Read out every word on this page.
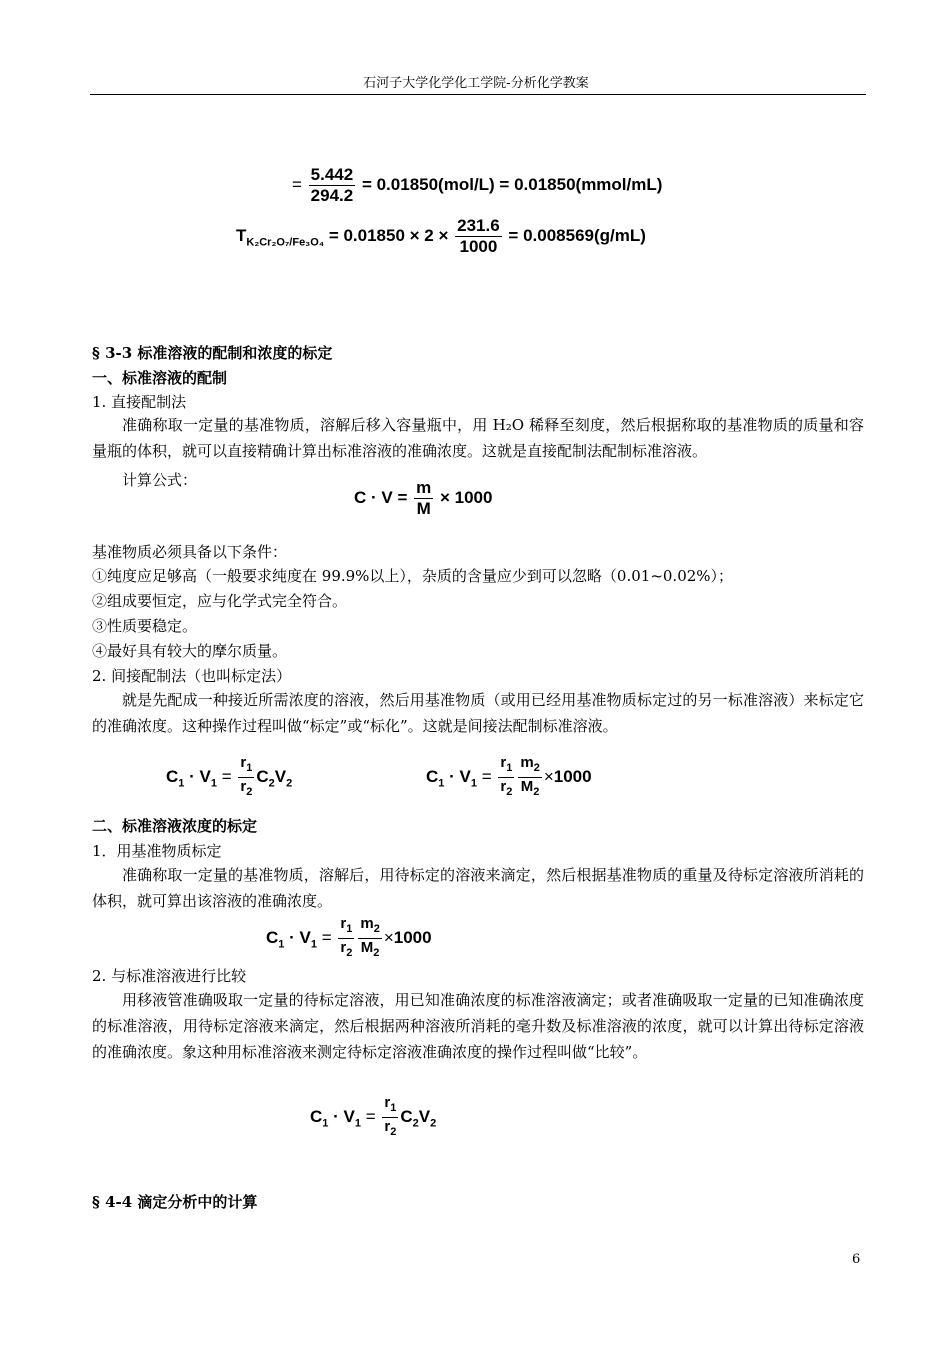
石河子大学化学化工学院-分析化学教案
= $\frac{5.442}{294.2} = 0.01850(mol/L)$ = 0.01850(mmol/mL)
$T_{K_2Cr_2O_7/Fe_3O_4} = 0.01850 \times 2 \times \frac{231.6}{1000} = 0.008569(g/mL)$
§ 3-3 标准溶液的配制和浓度的标定
一、标准溶液的配制
1. 直接配制法
准确称取一定量的基准物质，溶解后移入容量瓶中，用 H₂O 稀释至刻度，然后根据称取的基准物质的质量和容量瓶的体积，就可以直接精确计算出标准溶液的准确浓度。这就是直接配制法配制标准溶液。
计算公式：
$C \cdot V = \frac{m}{M} \times 1000$
基准物质必须具备以下条件：
①纯度应足够高（一般要求纯度在 99.9%以上），杂质的含量应少到可以忽略（0.01~0.02%）；
②组成要恒定，应与化学式完全符合。
③性质要稳定。
④最好具有较大的摩尔质量。
2. 间接配制法（也叫标定法）
就是先配成一种接近所需浓度的溶液，然后用基准物质（或用已经用基准物质标定过的另一标准溶液）来标定它的准确浓度。这种操作过程叫做“标定”或“标化”。这就是间接法配制标准溶液。
$C_1 \cdot V_1 = \frac{r_1}{r_2} C_2V_2$	$C_1 \cdot V_1 = \frac{r_1}{r_2} \frac{m_2}{M_2} \times 1000$
二、标准溶液浓度的标定
1．用基准物质标定
准确称取一定量的基准物质，溶解后，用待标定的溶液来滴定，然后根据基准物质的重量及待标定溶液所消耗的体积，就可算出该溶液的准确浓度。
$C_1 \cdot V_1 = \frac{r_1}{r_2} \frac{m_2}{M_2} \times 1000$
2. 与标准溶液进行比较
用移液管准确吸取一定量的待标定溶液，用已知准确浓度的标准溶液滴定；或者准确吸取一定量的已知准确浓度的标准溶液，用待标定溶液来滴定，然后根据两种溶液所消耗的毫升数及标准溶液的浓度，就可以计算出待标定溶液的准确浓度。象这种用标准溶液来测定待标定溶液准确浓度的操作过程叫做“比较”。
$C_1 \cdot V_1 = \frac{r_1}{r_2} C_2V_2$
§ 4-4 滴定分析中的计算
6
